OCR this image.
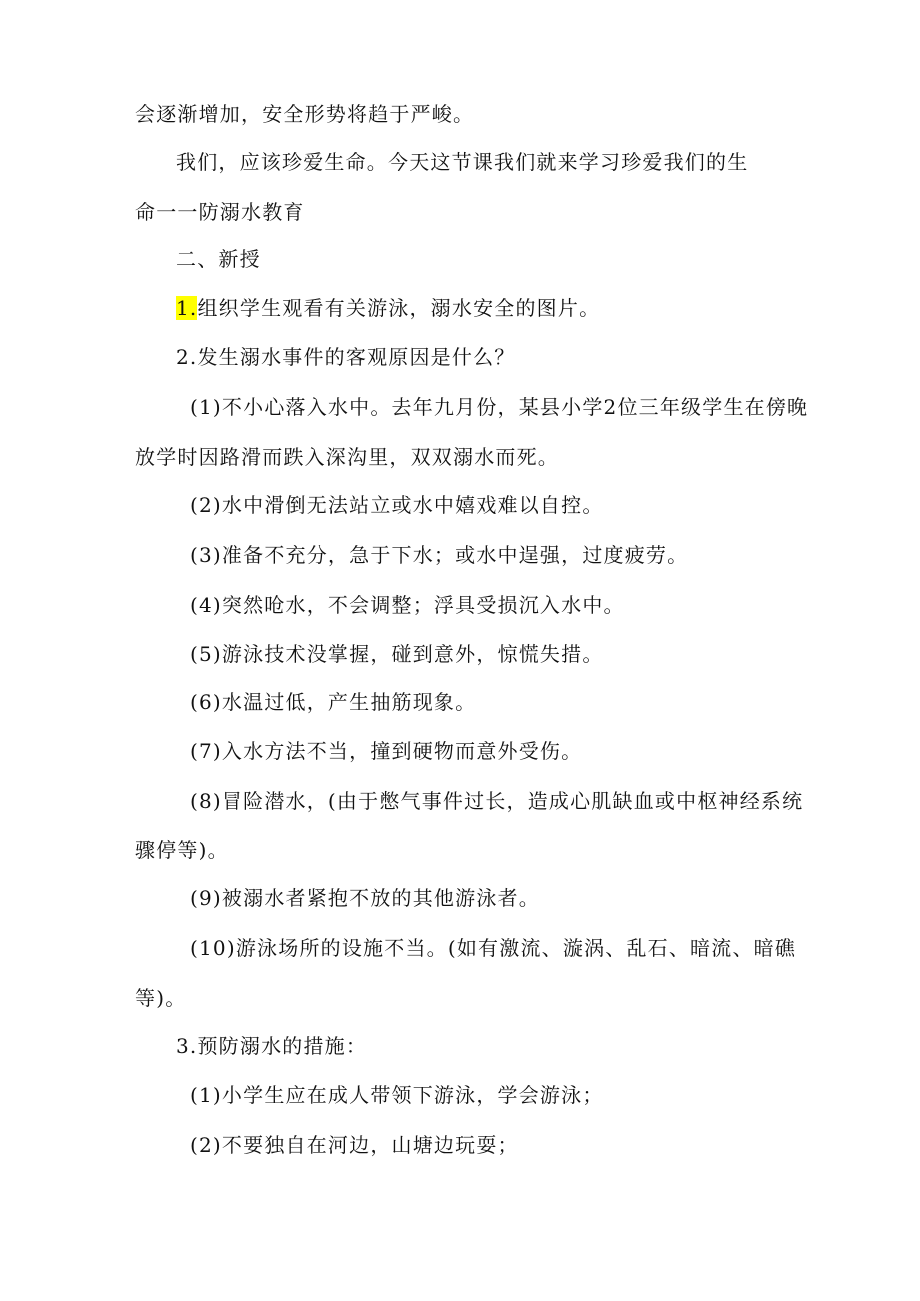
会逐渐增加，安全形势将趋于严峻。
我们，应该珍爱生命。今天这节课我们就来学习珍爱我们的生
命一一防溺水教育
二、新授
1.组织学生观看有关游泳，溺水安全的图片。
2.发生溺水事件的客观原因是什么？
(1)不小心落入水中。去年九月份，某县小学2位三年级学生在傍晚
放学时因路滑而跌入深沟里，双双溺水而死。
(2)水中滑倒无法站立或水中嬉戏难以自控。
(3)准备不充分，急于下水；或水中逞强，过度疲劳。
(4)突然呛水，不会调整；浮具受损沉入水中。
(5)游泳技术没掌握，碰到意外，惊慌失措。
(6)水温过低，产生抽筋现象。
(7)入水方法不当，撞到硬物而意外受伤。
(8)冒险潜水，(由于憋气事件过长，造成心肌缺血或中枢神经系统
骤停等)。
(9)被溺水者紧抱不放的其他游泳者。
(10)游泳场所的设施不当。(如有激流、漩涡、乱石、暗流、暗礁
等)。
3.预防溺水的措施：
(1)小学生应在成人带领下游泳，学会游泳；
(2)不要独自在河边，山塘边玩耍；
